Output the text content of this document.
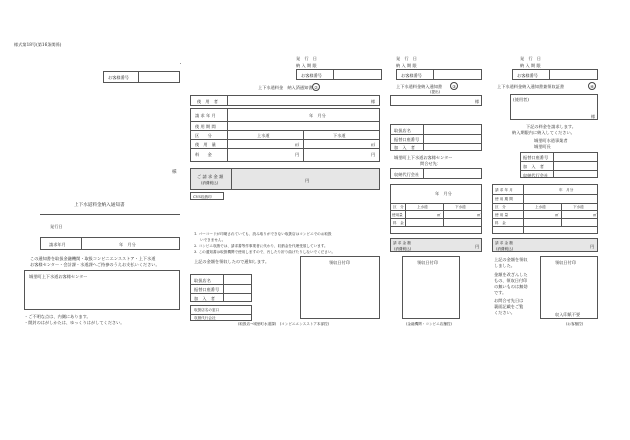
様式第18号(第16条関係)
お客様番号
様
上下水道料金納入通知書
発行日
請求年月	年　月分
この通知書を取扱金融機関・取扱コンビニエンスストア・上下水道
お客様センター・会計課・水道課へご持参のうえお支払いください。
城里町上下水道お客様センター
・ご不明な点は、内側にあります。
・開封のはがしかたは、ゆっくりはがしてください。
発　行　日
納 入 期 限
お客様番号
上下水道料金　納入済通知書 ②
使　用　者	様
請 求 年 月	年　月分
使 用 期 間
区　　分	上水道	下水道
使　用　量	㎥	㎥
料　　金	円	円
ご 請 求 金 額
(消費税込)	円
CVS収納印
1. バーコードが印刷されていても、読み取りができない取扱店はコンビニでのお取扱
いできません。
2. コンビニ収納では、請求書等作事業者に代わり、収納金を代理受領しています。
3. この通知書は取扱機関で使用しますので、汚したり折り曲げたりしないでください。
上記の金額を領収したので通知します。
取扱店名
振替口座番号
加　入　者
取扱店名の窓口
収納代行会社
領収日付印
(取扱店→城里町水道課)　(コンビニエンスストア本部控)
発　行　日
納 入 期 限
お客様番号
上下水道料金納入通知書	③
(提出)
様
取扱店名
振替口座番号
加　入　者
城里町上下水道お客様センター
問合せ先：
収納代行会社
年　月分
区　分	上水道	下水道
使用量	㎥	㎥
料　金
請 求 金 額
(消費税込)	円
領収日付印
(金融機関・コンビニ店舗控)
発　行　日
納 入 期 限
お客様番号
上下水道料金納入通知書兼領収証書	④
(使用者)
様
下記の料金を請求します。
納入期限内に納入してください。
城里町水道事業者
城里町長
振替口座番号
加　入　者
収納代行会社
請 求 年 月	年　月分
使 用 期 間
区　分	上水道	下水道
使 用 量	㎥	㎥
料　金
請 求 金 額
(消費税込)	円
上記の金額を領収
しました。
金額を改ざんした
もの、領収日付印
の無いものは無効
です。
お問合せ先日は
裏面記載をご覧
ください。
領収日付印
収入印紙不要
(お客様控)
